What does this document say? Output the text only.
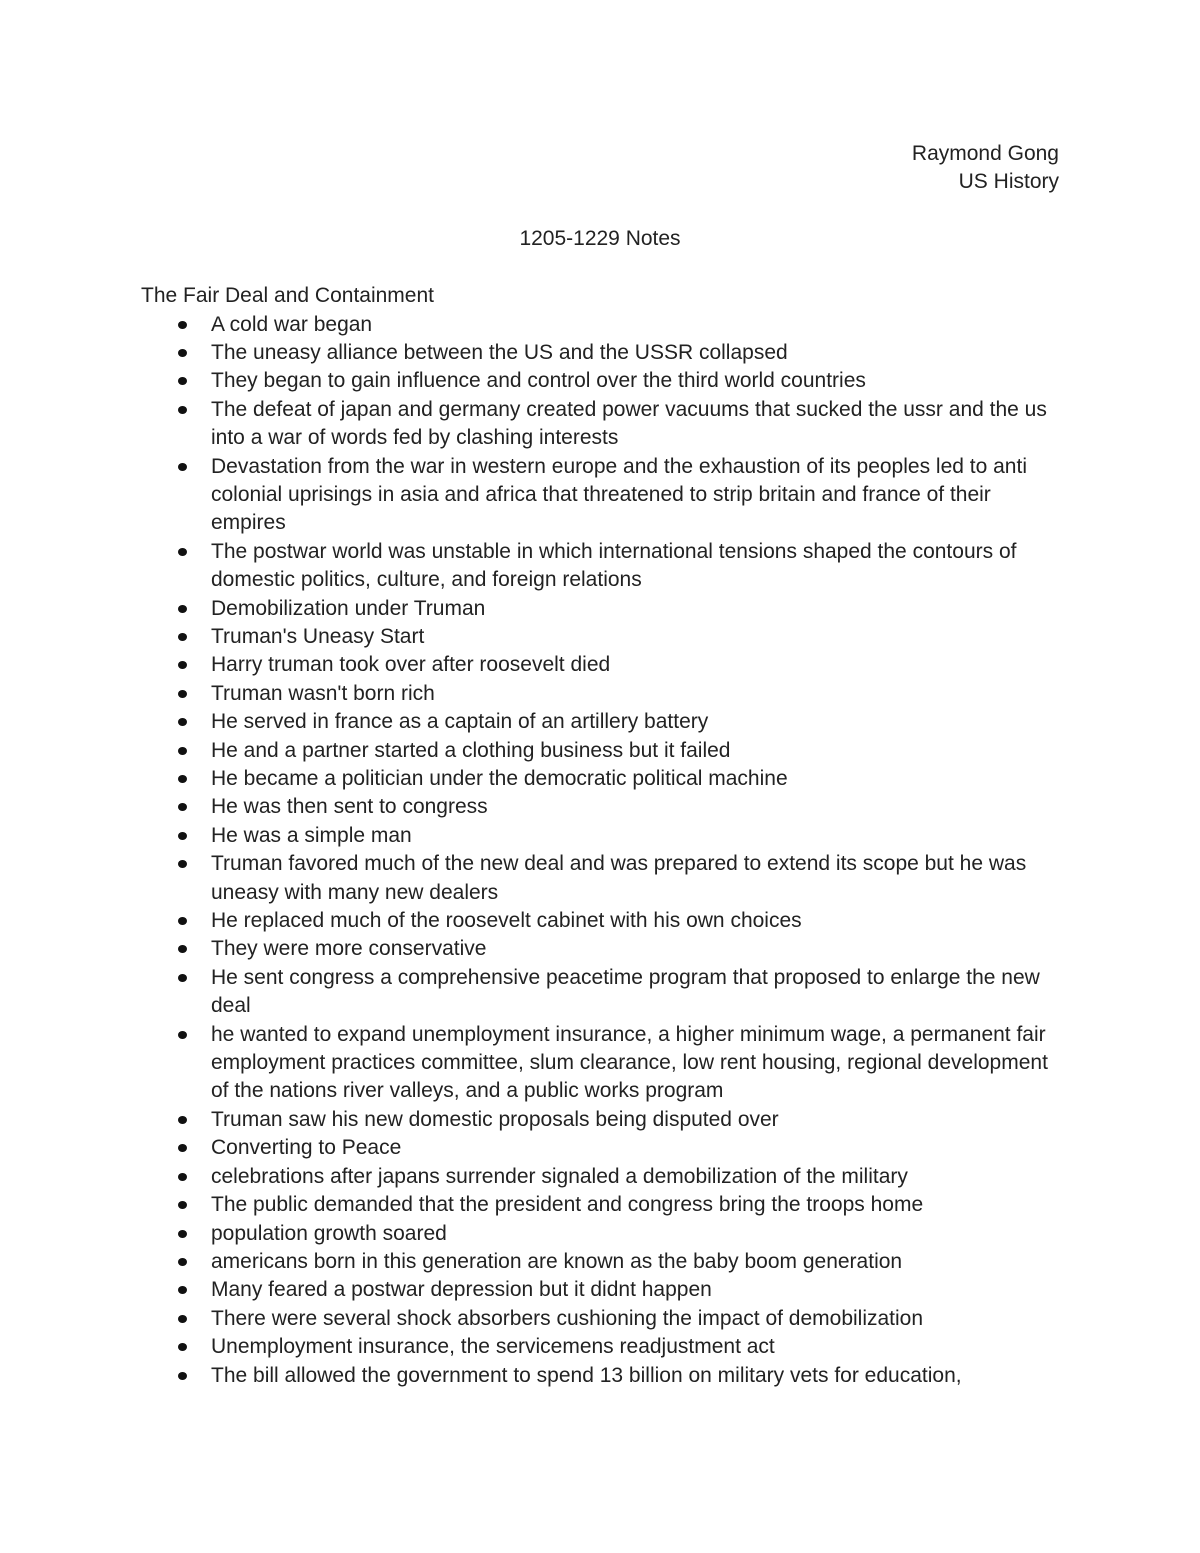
Raymond Gong
US History
1205-1229 Notes
The Fair Deal and Containment
A cold war began
The uneasy alliance between the US and the USSR collapsed
They began to gain influence and control over the third world countries
The defeat of japan and germany created power vacuums that sucked the ussr and the us into a war of words fed by clashing interests
Devastation from the war in western europe and the exhaustion of its peoples led to anti colonial uprisings in asia and africa that threatened to strip britain and france of their empires
The postwar world was unstable in which international tensions shaped the contours of domestic politics, culture, and foreign relations
Demobilization under Truman
Truman's Uneasy Start
Harry truman took over after roosevelt died
Truman wasn't born rich
He served in france as a captain of an artillery battery
He and a partner started a clothing business but it failed
He became a politician under the democratic political machine
He was then sent to congress
He was a simple man
Truman favored much of the new deal and was prepared to extend its scope but he was uneasy with many new dealers
He replaced much of the roosevelt cabinet with his own choices
They were more conservative
He sent congress a comprehensive peacetime program that proposed to enlarge the new deal
he wanted to expand unemployment insurance, a higher minimum wage, a permanent fair employment practices committee, slum clearance, low rent housing, regional development of the nations river valleys, and a public works program
Truman saw his new domestic proposals being disputed over
Converting to Peace
celebrations after japans surrender signaled a demobilization of the military
The public demanded that the president and congress bring the troops home
population growth soared
americans born in this generation are known as the baby boom generation
Many feared a postwar depression but it didnt happen
There were several shock absorbers cushioning the impact of demobilization
Unemployment insurance, the servicemens readjustment act
The bill allowed the government to spend 13 billion on military vets for education,
